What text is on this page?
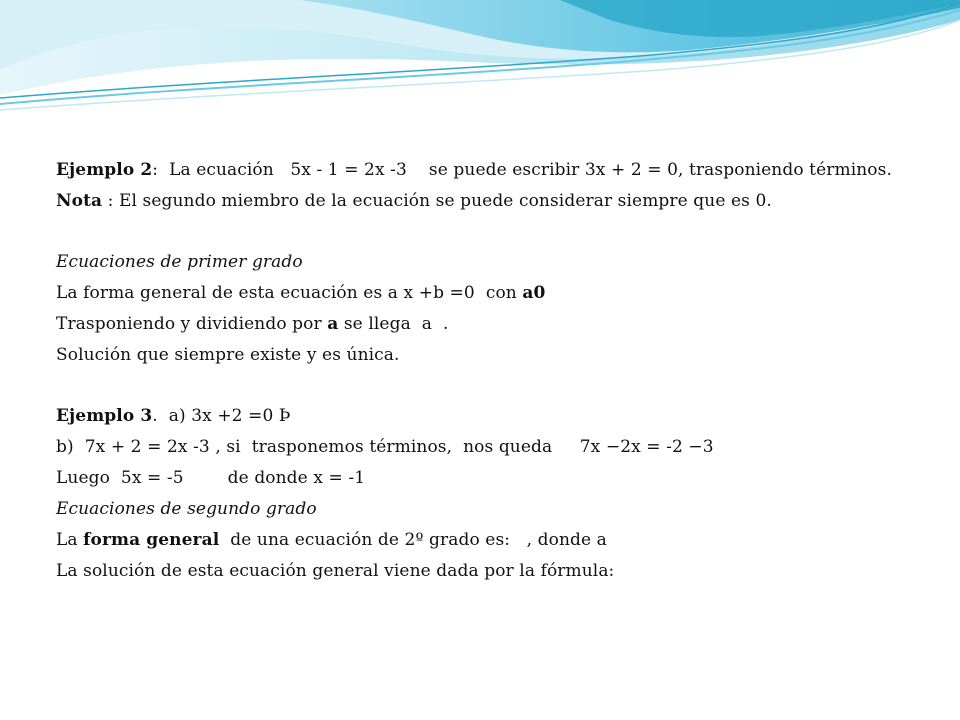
Ejemplo 2:  La ecuación   5x - 1 = 2x -3    se puede escribir 3x + 2 = 0, trasponiendo términos.
Nota : El segundo miembro de la ecuación se puede considerar siempre que es 0.
Ecuaciones de primer grado
La forma general de esta ecuación es a x +b =0  con a0
Trasponiendo y dividiendo por a se llega  a  .
Solución que siempre existe y es única.
Ejemplo 3.  a) 3x +2 =0 Þ
b)  7x + 2 = 2x -3 , si  trasponemos términos,  nos queda     7x −2x = -2 −3
Luego  5x = -5        de donde x = -1
Ecuaciones de segundo grado
La forma general  de una ecuación de 2º grado es:   , donde a
La solución de esta ecuación general viene dada por la fórmula:
